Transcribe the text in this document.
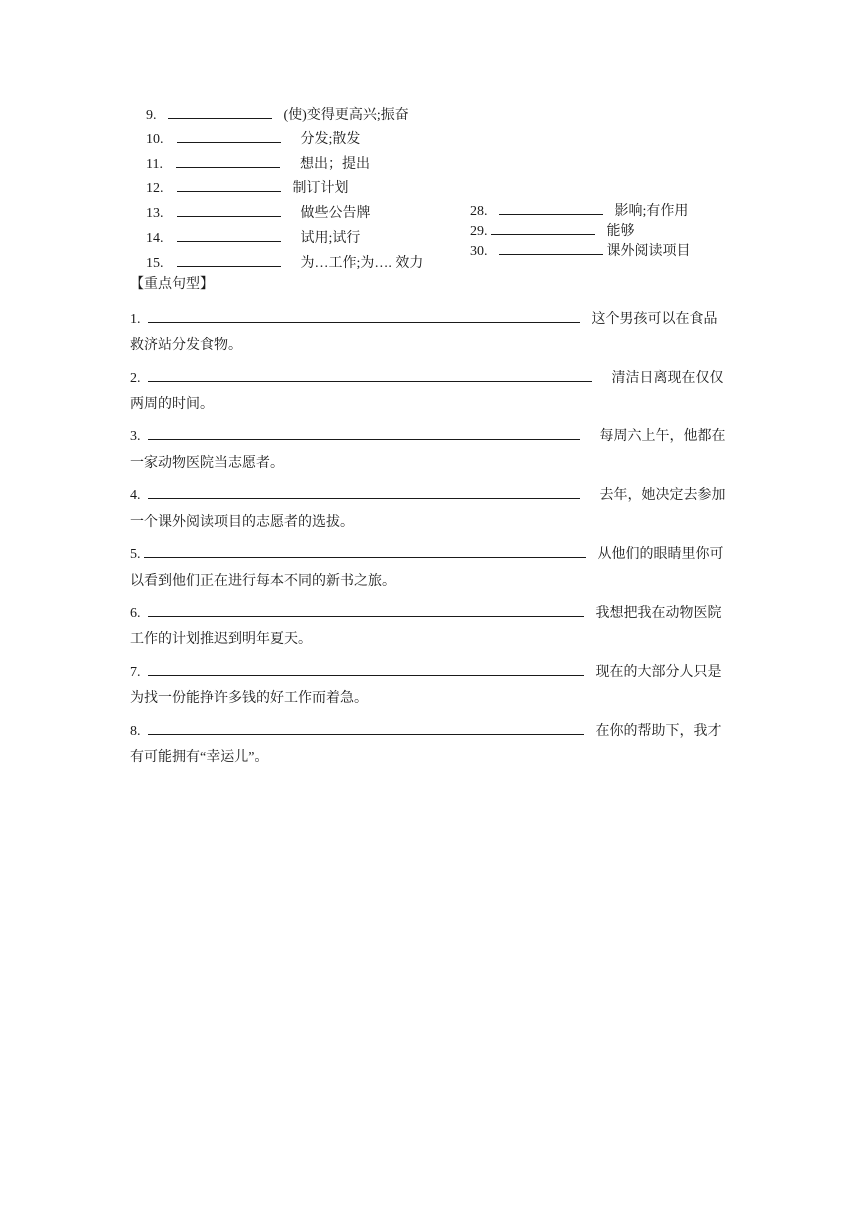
9.	(使)变得更高兴;振奋
10.	分发;散发
11.	想出；提出
12.	制订计划
13.	做些公告牌
14.	试用;试行
15.	为…工作;为…. 效力
28.	影响;有作用
29.	能够
30.	课外阅读项目
【重点句型】
1.	这个男孩可以在食品
救济站分发食物。
2.	清洁日离现在仅仅
两周的时间。
3.	每周六上午，他都在
一家动物医院当志愿者。
4.	去年，她决定去参加
一个课外阅读项目的志愿者的选拔。
5.	从他们的眼睛里你可
以看到他们正在进行每本不同的新书之旅。
6.	我想把我在动物医院
工作的计划推迟到明年夏天。
7.	现在的大部分人只是
为找一份能挣许多钱的好工作而着急。
8.	在你的帮助下，我才
有可能拥有“幸运儿”。
